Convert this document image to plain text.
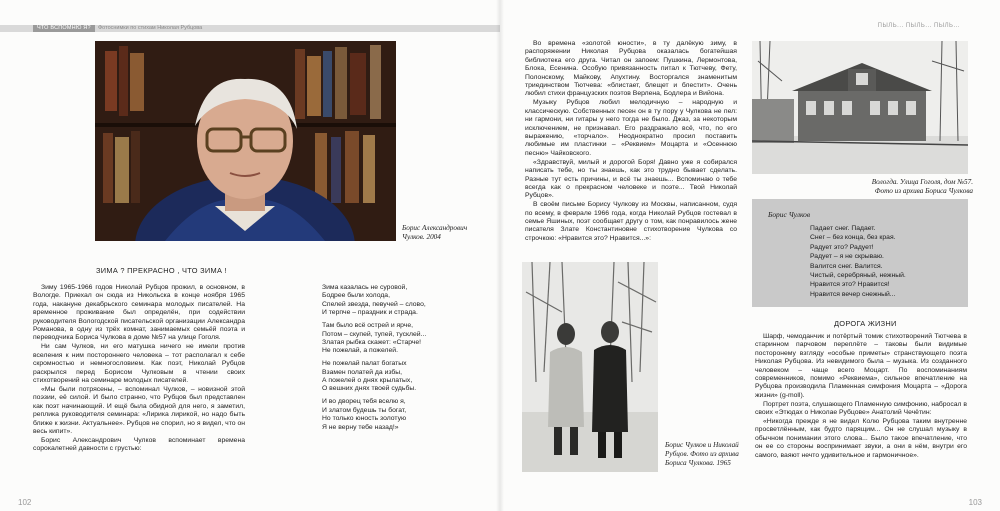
ЧТО ВСПОМНЮ Я?	Фотоснимки по стихам Николая Рубцова
Борис Александрович
Чулков. 2004
ЗИМА ? ПРЕКРАСНО , ЧТО ЗИМА !

Зиму 1965-1966 годов Николай Рубцов прожил, в основном, в Вологде. Приехал он сюда из Никольска в конце ноября 1965 года, накануне декабрьского семинара молодых писателей. На временное проживание был определён, при содействии руководителя Вологодской писательской организации Александра Романова, в одну из трёх комнат, занимаемых семьёй поэта и переводчика Бориса Чулкова в доме №57 на улице Гоголя.

Ни сам Чулков, ни его матушка ничего не имели против вселения к ним постороннего человека – тот располагал к себе скромностью и немногословием. Как поэт, Николай Рубцов раскрылся перед Борисом Чулковым в чтении своих стихотворений на семинаре молодых писателей.

«Мы были потрясены, – вспоминал Чулков, – новизной этой поэзии, её силой. И было странно, что Рубцов был представлен как поэт начинающий. И ещё была обидной для него, я заметил, реплика руководителя семинара: «Лирика лирикой, но надо быть ближе к жизни. Актуальнее». Рубцов не спорил, но я видел, что он весь кипит».

Борис Александрович Чулков вспоминает времена сорокалетней давности с грустью:

Зима казалась не суровой,
Бодрее были холода,
Спелей звезда, певучей – слово,
И терпче – праздник и страда.
Там было всё острей и ярче,
Потом – скупей, тупей, тусклей...
Златая рыбка скажет: «Старче!
Не пожелай, а пожелей.
Не пожелай палат богатых
Взамен полатей да избы,
А пожелей о днях крылатых,
О вешних днях твоей судьбы.
И во дворец тебя вселю я,
И златом будешь ты богат,
Но только юность золотую
Я не верну тебе назад!»
102
ПЫЛЬ... ПЫЛЬ... ПЫЛЬ...

Во времена «золотой юности», в ту далёкую зиму, в распоряжении Николая Рубцова оказалась богатейшая библиотека его друга. Читал он запоем: Пушкина, Лермонтова, Блока, Есенина. Особую привязанность питал к Тютчеву, Фету, Полонскому, Майкову, Апухтину. Восторгался знаменитым триединством Тютчева: «блистает, блещет и блестит». Очень любил стихи французских поэтов Верлена, Бодлера и Вийона.

Музыку Рубцов любил мелодичную – народную и классическую. Собственных песен он в ту пору у Чулкова не пел: ни гармони, ни гитары у него тогда не было. Джаз, за некоторым исключением, не признавал. Его раздражало всё, что, по его выражению, «торчало». Неоднократно просил поставить любимые им пластинки – «Реквием» Моцарта и «Осеннюю песню» Чайковского.

«Здравствуй, милый и дорогой Боря! Давно уже я собирался написать тебе, но ты знаешь, как это трудно бывает сделать. Разные тут есть причины, и всё ты знаешь... Вспоминаю о тебе всегда как о прекрасном человеке и поэте... Твой Николай Рубцов».

В своём письме Борису Чулкову из Москвы, написанном, судя по всему, в феврале 1966 года, когда Николай Рубцов гостевал в семье Яшиных, поэт сообщает другу о том, как понравилось жене писателя Злате Константиновне стихотворение Чулкова со строчкою: «Нравится это? Нравится...»:

Борис Чулков и Николай
Рубцов. Фото из архива
Бориса Чулкова. 1965
Вологда. Улица Гоголя, дом №57.
Фото из архива Бориса Чулкова
ДОРОГА ЖИЗНИ

Шарф, чемоданчик и потёртый томик стихотворений Тютчева в старинном парчовом переплёте – таковы были видимые посторонему взгляду «особые приметы» странствующего поэта Николая Рубцова. Из невидимого была – музыка. Из созданного человеком – чаще всего Моцарт. По воспоминаниям современников, помимо «Реквиема», сильное впечатление на Рубцова производила Пламенная симфония Моцарта – «Дорога жизни» (g-moll).

Портрет поэта, слушающего Пламенную симфонию, набросал в своих «Этюдах о Николае Рубцове» Анатолий Чечётин:

«Никогда прежде я не видел Колю Рубцова таким внутренне просветлённым, как будто парящим... Он не слушал музыку в обычном понимании этого слова... Было такое впечатление, что он ее со стороны воспринимает звуки, а они в нём, внутри его самого, ваяют нечто удивительное и гармоничное».

103
Борис Чулков
Падает снег. Падает.
Снег – без конца, без края.
Радует это? Радует!
Радует – я не скрываю.
Валится снег. Валится.
Чистый, серебряный, нежный.
Нравится это? Нравится!
Нравится вечер снежный...
